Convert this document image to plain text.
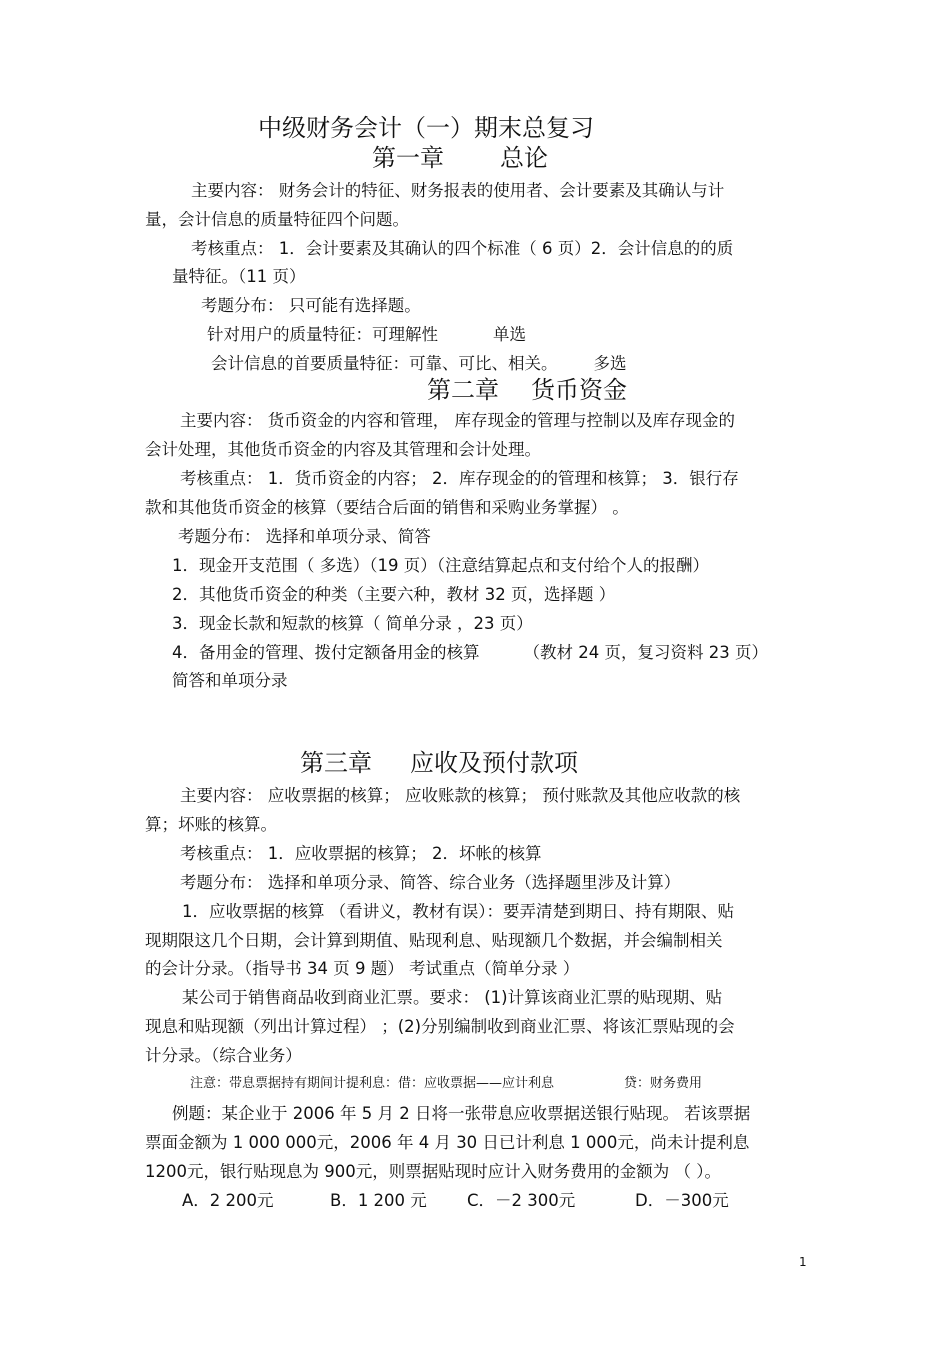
中级财务会计（一）期末总复习
第一章 总论
主要内容： 财务会计的特征、财务报表的使用者、会计要素及其确认与计
量，会计信息的质量特征四个问题。
考核重点： 1．会计要素及其确认的四个标准（ 6 页）2．会计信息的的质
量特征。（11 页）
考题分布： 只可能有选择题。
针对用户的质量特征：可理解性	单选
会计信息的首要质量特征：可靠、可比、相关。 多选
第二章 货币资金
主要内容： 货币资金的内容和管理， 库存现金的管理与控制以及库存现金的
会计处理，其他货币资金的内容及其管理和会计处理。
考核重点： 1．货币资金的内容； 2．库存现金的的管理和核算； 3．银行存
款和其他货币资金的核算（要结合后面的销售和采购业务掌握） 。
考题分布： 选择和单项分录、简答
1．现金开支范围（ 多选）（19 页）（注意结算起点和支付给个人的报酬）
2．其他货币资金的种类（主要六种，教材 32 页，选择题 ）
3．现金长款和短款的核算（ 简单分录 ，23 页）
4．备用金的管理、拨付定额备用金的核算	（教材 24 页，复习资料 23 页）
简答和单项分录
第三章 应收及预付款项
主要内容： 应收票据的核算； 应收账款的核算； 预付账款及其他应收款的核
算；坏账的核算。
考核重点： 1．应收票据的核算； 2．坏帐的核算
考题分布： 选择和单项分录、简答、综合业务（选择题里涉及计算）
1．应收票据的核算 （看讲义，教材有误）：要弄清楚到期日、持有期限、贴
现期限这几个日期，会计算到期值、贴现利息、贴现额几个数据，并会编制相关
的会计分录。（指导书 34 页 9 题） 考试重点（简单分录 ）
某公司于销售商品收到商业汇票。要求： (1)计算该商业汇票的贴现期、贴
现息和贴现额（列出计算过程） ；(2)分别编制收到商业汇票、将该汇票贴现的会
计分录。（综合业务）
注意：带息票据持有期间计提利息：借：应收票据——应计利息	贷：财务费用
例题：某企业于 2006 年 5 月 2 日将一张带息应收票据送银行贴现。 若该票据
票面金额为 1 000 000元，2006 年 4 月 30 日已计利息 1 000元，尚未计提利息
1200元，银行贴现息为 900元，则票据贴现时应计入财务费用的金额为 （ ）。
A．2 200元	B．1 200 元 C．－2 300元	D．－300元
1
